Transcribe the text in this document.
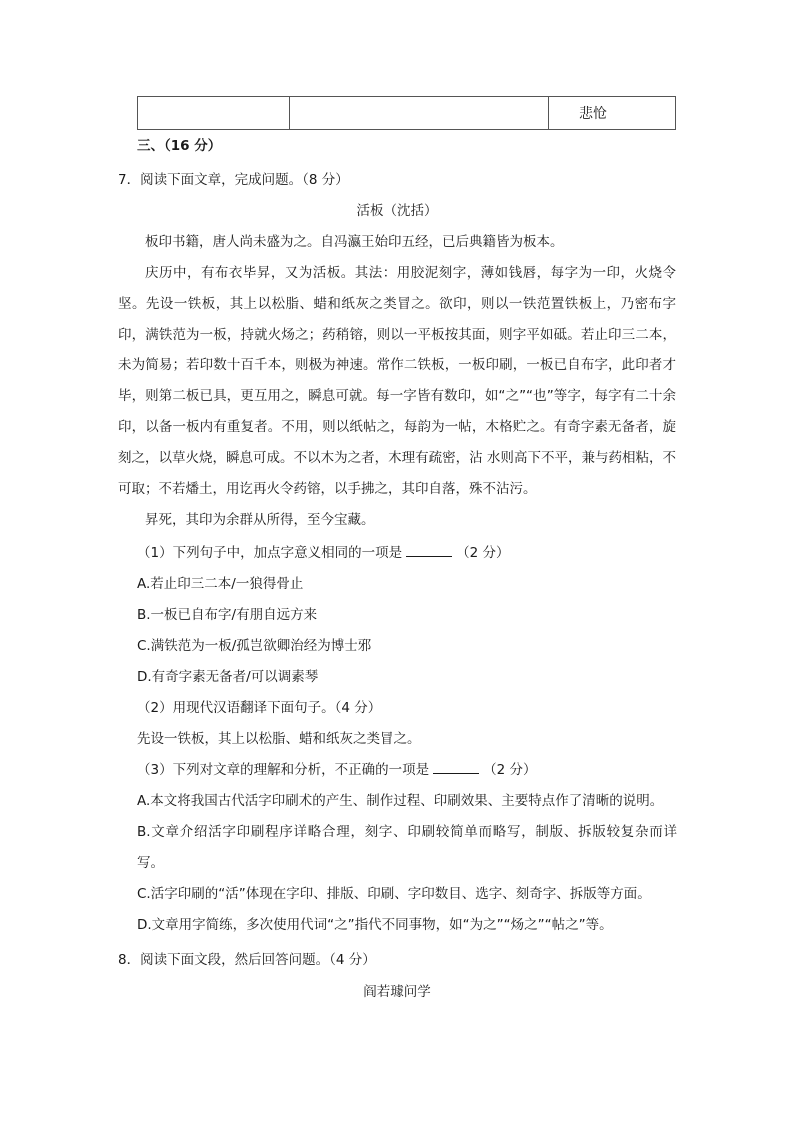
		悲怆
三、（16 分）
7．阅读下面文章，完成问题。（8 分）
活板（沈括）

板印书籍，唐人尚未盛为之。自冯瀛王始印五经，已后典籍皆为板本。

庆历中，有布衣毕昇，又为活板。其法：用胶泥刻字，薄如钱唇，每字为一印，火烧令坚。先设一铁板，其上以松脂、蜡和纸灰之类冒之。欲印，则以一铁范置铁板上，乃密布字印，满铁范为一板，持就火炀之；药稍镕，则以一平板按其面，则字平如砥。若止印三二本，未为简易；若印数十百千本，则极为神速。常作二铁板，一板印刷，一板已自布字，此印者才毕，则第二板已具，更互用之，瞬息可就。每一字皆有数印，如“之”“也”等字，每字有二十余印，以备一板内有重复者。不用，则以纸帖之，每韵为一帖，木格贮之。有奇字素无备者，旋刻之，以草火烧，瞬息可成。不以木为之者，木理有疏密，沾 水则高下不平，兼与药相粘，不可取；不若燔土，用讫再火令药镕，以手拂之，其印自落，殊不沾污。

昇死，其印为余群从所得，至今宝藏。

（1）下列句子中，加点字意义相同的一项是	（2 分）
A.若止印三二本/一狼得骨止
B.一板已自布字/有朋自远方来
C.满铁范为一板/孤岂欲卿治经为博士邪
D.有奇字素无备者/可以调素琴
（2）用现代汉语翻译下面句子。（4 分）
先设一铁板，其上以松脂、蜡和纸灰之类冒之。
（3）下列对文章的理解和分析，不正确的一项是	（2 分）

A.本文将我国古代活字印刷术的产生、制作过程、印刷效果、主要特点作了清晰的说明。

B.文章介绍活字印刷程序详略合理，刻字、印刷较简单而略写，制版、拆版较复杂而详写。

C.活字印刷的“活”体现在字印、排版、印刷、字印数目、选字、刻奇字、拆版等方面。

D.文章用字简练，多次使用代词“之”指代不同事物，如“为之”“炀之”“帖之”等。

8．阅读下面文段，然后回答问题。（4 分）
阎若璩问学
